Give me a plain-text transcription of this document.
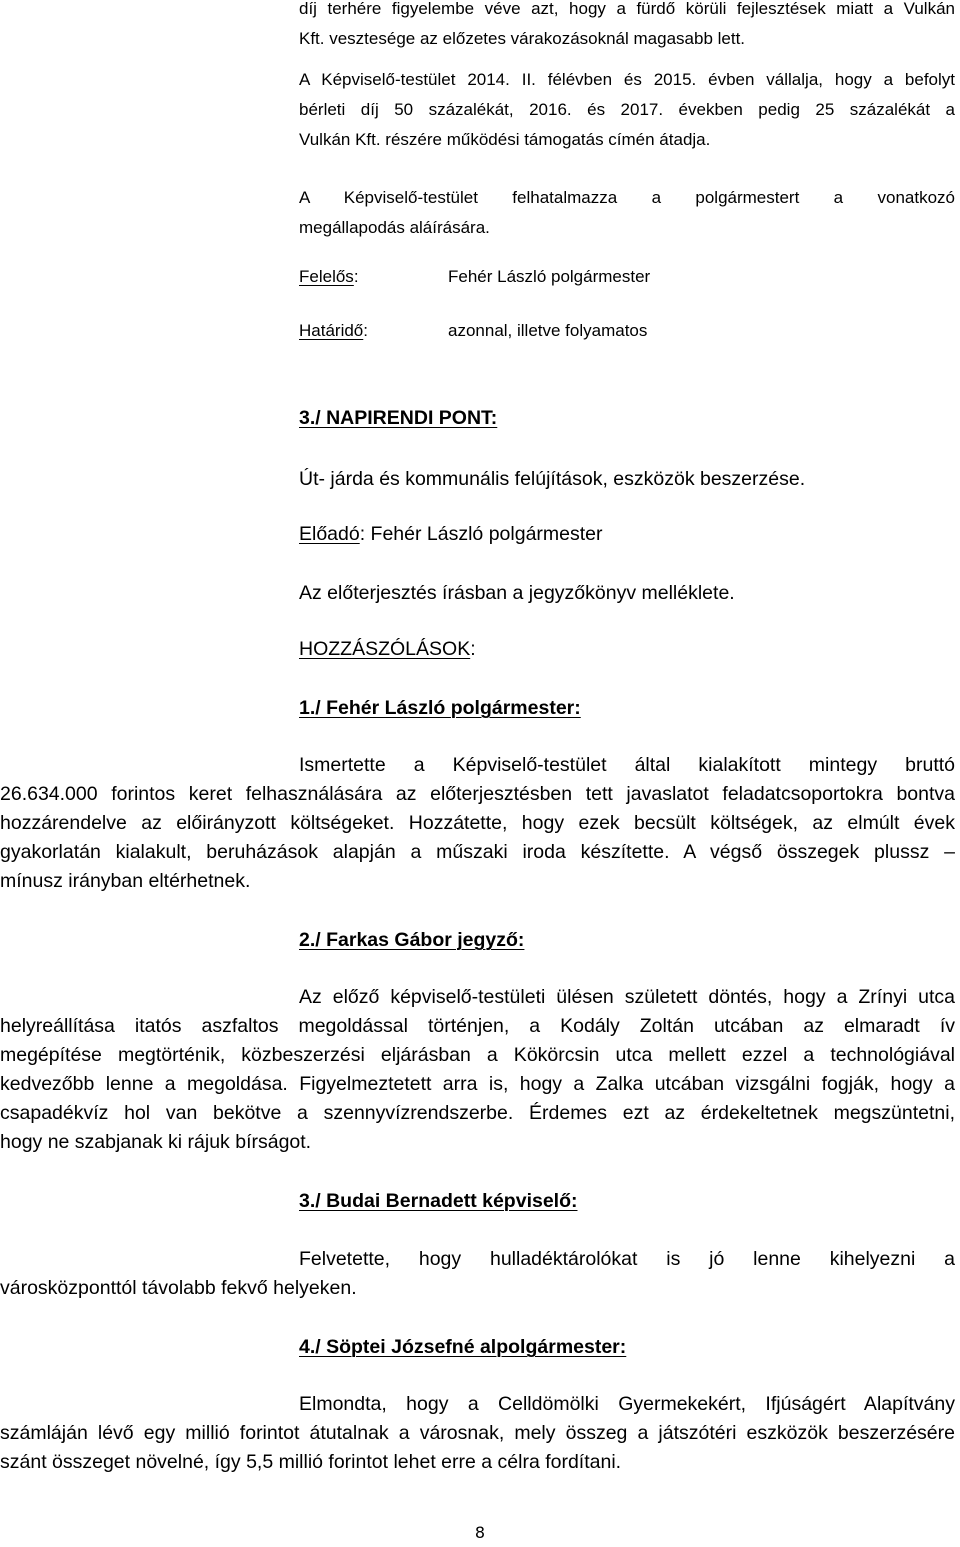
díj terhére figyelembe véve azt, hogy a fürdő körüli fejlesztések miatt a Vulkán
Kft. vesztesége az előzetes várakozásoknál magasabb lett.
A Képviselő-testület 2014. II. félévben és 2015. évben vállalja, hogy a befolyt
bérleti díj 50 százalékát, 2016. és 2017. években pedig 25 százalékát a
Vulkán Kft. részére működési támogatás címén átadja.
A Képviselő-testület felhatalmazza a polgármestert a vonatkozó
megállapodás aláírására.
Felelős:	Fehér László polgármester
Határidő:	azonnal, illetve folyamatos
3./ NAPIRENDI PONT:
Út- járda és kommunális felújítások, eszközök beszerzése.
Előadó: Fehér László polgármester
Az előterjesztés írásban a jegyzőkönyv melléklete.
HOZZÁSZÓLÁSOK:
1./ Fehér László polgármester:
Ismertette a Képviselő-testület által kialakított mintegy bruttó
26.634.000 forintos keret felhasználására az előterjesztésben tett javaslatot feladatcsoportokra bontva
hozzárendelve az előirányzott költségeket. Hozzátette, hogy ezek becsült költségek, az elmúlt évek
gyakorlatán kialakult, beruházások alapján a műszaki iroda készítette. A végső összegek plussz –
mínusz irányban eltérhetnek.
2./ Farkas Gábor jegyző:
Az előző képviselő-testületi ülésen született döntés, hogy a Zrínyi utca
helyreállítása itatós aszfaltos megoldással történjen, a Kodály Zoltán utcában az elmaradt ív
megépítése megtörténik, közbeszerzési eljárásban a Kökörcsin utca mellett ezzel a technológiával
kedvezőbb lenne a megoldása. Figyelmeztetett arra is, hogy a Zalka utcában vizsgálni fogják, hogy a
csapadékvíz hol van bekötve a szennyvízrendszerbe. Érdemes ezt az érdekeltetnek megszüntetni,
hogy ne szabjanak ki rájuk bírságot.
3./ Budai Bernadett képviselő:
Felvetette, hogy hulladéktárolókat is jó lenne kihelyezni a
városközponttól távolabb fekvő helyeken.
4./ Söptei Józsefné alpolgármester:
Elmondta, hogy a Celldömölki Gyermekekért, Ifjúságért Alapítvány
számláján lévő egy millió forintot átutalnak a városnak, mely összeg a játszótéri eszközök beszerzésére
szánt összeget növelné, így 5,5 millió forintot lehet erre a célra fordítani.
8
